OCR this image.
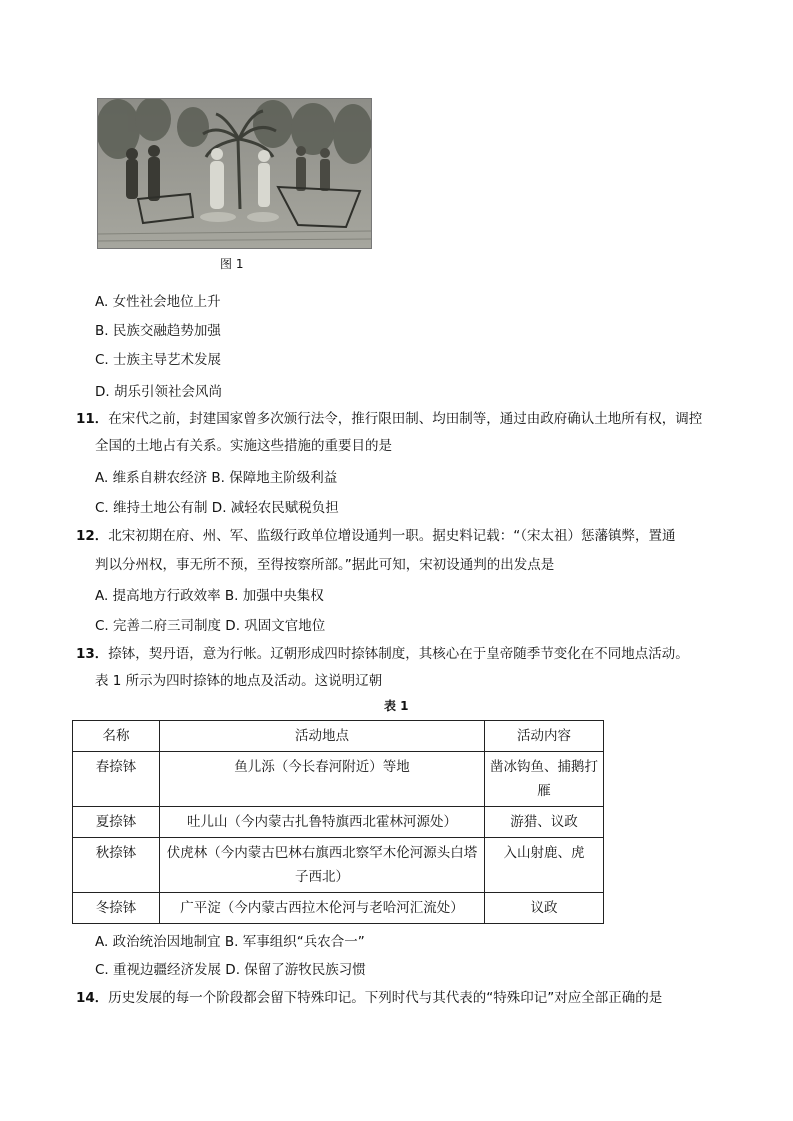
图 1
A. 女性社会地位上升
B. 民族交融趋势加强
C. 士族主导艺术发展
D. 胡乐引领社会风尚
11．在宋代之前，封建国家曾多次颁行法令，推行限田制、均田制等，通过由政府确认土地所有权，调控
全国的土地占有关系。实施这些措施的重要目的是
A. 维系自耕农经济 B. 保障地主阶级利益
C. 维持土地公有制 D. 减轻农民赋税负担
12．北宋初期在府、州、军、监级行政单位增设通判一职。据史料记载：“（宋太祖）惩藩镇弊，置通
判以分州权，事无所不预，至得按察所部。”据此可知，宋初设通判的出发点是
A. 提高地方行政效率 B. 加强中央集权
C. 完善二府三司制度 D. 巩固文官地位
13．捺钵，契丹语，意为行帐。辽朝形成四时捺钵制度，其核心在于皇帝随季节变化在不同地点活动。
表 1 所示为四时捺钵的地点及活动。这说明辽朝
表 1
名称	活动地点	活动内容
春捺钵	鱼儿泺（今长春河附近）等地	凿冰钩鱼、捕鹅打雁
夏捺钵	吐儿山（今内蒙古扎鲁特旗西北霍林河源处）	游猎、议政
秋捺钵	伏虎林（今内蒙古巴林右旗西北察罕木伦河源头白塔子西北）	入山射鹿、虎
冬捺钵	广平淀（今内蒙古西拉木伦河与老哈河汇流处）	议政
A. 政治统治因地制宜 B. 军事组织“兵农合一”
C. 重视边疆经济发展 D. 保留了游牧民族习惯
14．历史发展的每一个阶段都会留下特殊印记。下列时代与其代表的“特殊印记”对应全部正确的是
